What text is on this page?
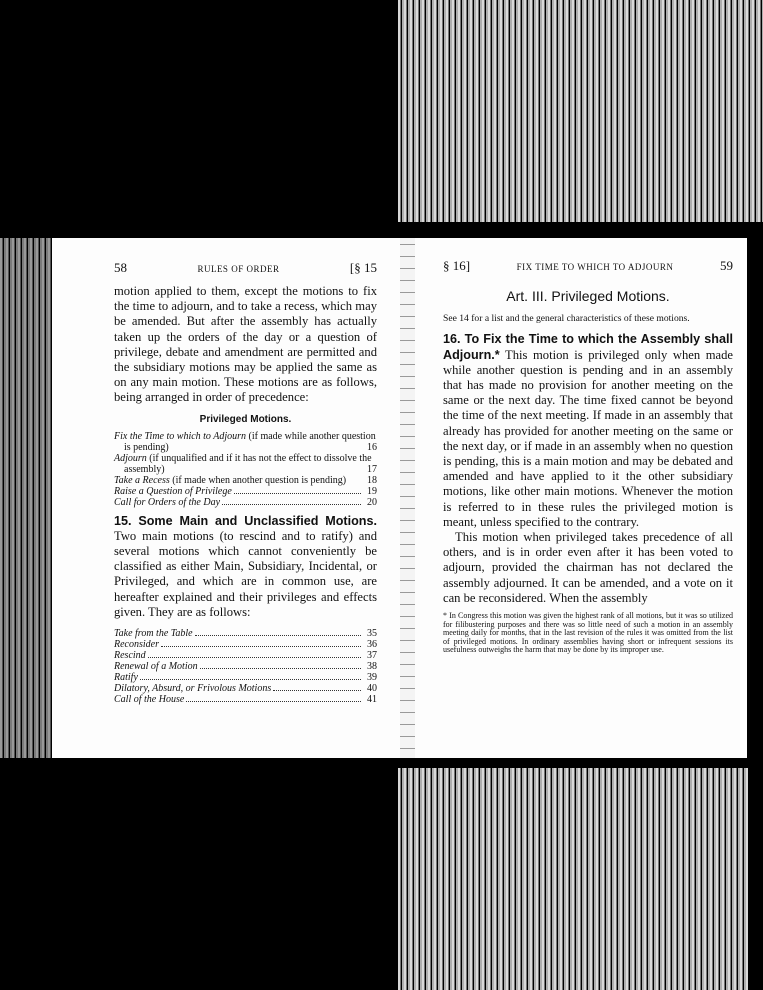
58	RULES OF ORDER	[§ 15

motion applied to them, except the motions to fix the time to adjourn, and to take a recess, which may be amended. But after the assembly has actually taken up the orders of the day or a question of privilege, debate and amendment are permitted and the subsidiary motions may be applied the same as on any main motion. These motions are as follows, being arranged in order of precedence:

Privileged Motions.
Fix the Time to which to Adjourn (if made while another question is pending)	16
Adjourn (if unqualified and if it has not the effect to dissolve the assembly)	17
Take a Recess (if made when another question is pending)	18
Raise a Question of Privilege	19
Call for Orders of the Day	20

15. Some Main and Unclassified Motions. Two main motions (to rescind and to ratify) and several motions which cannot conveniently be classified as either Main, Subsidiary, Incidental, or Privileged, and which are in common use, are hereafter explained and their privileges and effects given. They are as follows:

Take from the Table	35
Reconsider	36
Rescind	37
Renewal of a Motion	38
Ratify	39
Dilatory, Absurd, or Frivolous Motions	40
Call of the House	41
§ 16]	FIX TIME TO WHICH TO ADJOURN	59
Art. III. Privileged Motions.

See 14 for a list and the general characteristics of these motions.

16. To Fix the Time to which the Assembly shall Adjourn.* This motion is privileged only when made while another question is pending and in an assembly that has made no provision for another meeting on the same or the next day. The time fixed cannot be beyond the time of the next meeting. If made in an assembly that already has provided for another meeting on the same or the next day, or if made in an assembly when no question is pending, this is a main motion and may be debated and amended and have applied to it the other subsidiary motions, like other main motions. Whenever the motion is referred to in these rules the privileged motion is meant, unless specified to the contrary.

This motion when privileged takes precedence of all others, and is in order even after it has been voted to adjourn, provided the chairman has not declared the assembly adjourned. It can be amended, and a vote on it can be reconsidered. When the assembly

* In Congress this motion was given the highest rank of all motions, but it was so utilized for filibustering purposes and there was so little need of such a motion in an assembly meeting daily for months, that in the last revision of the rules it was omitted from the list of privileged motions. In ordinary assemblies having short or infrequent sessions its usefulness outweighs the harm that may be done by its improper use.
